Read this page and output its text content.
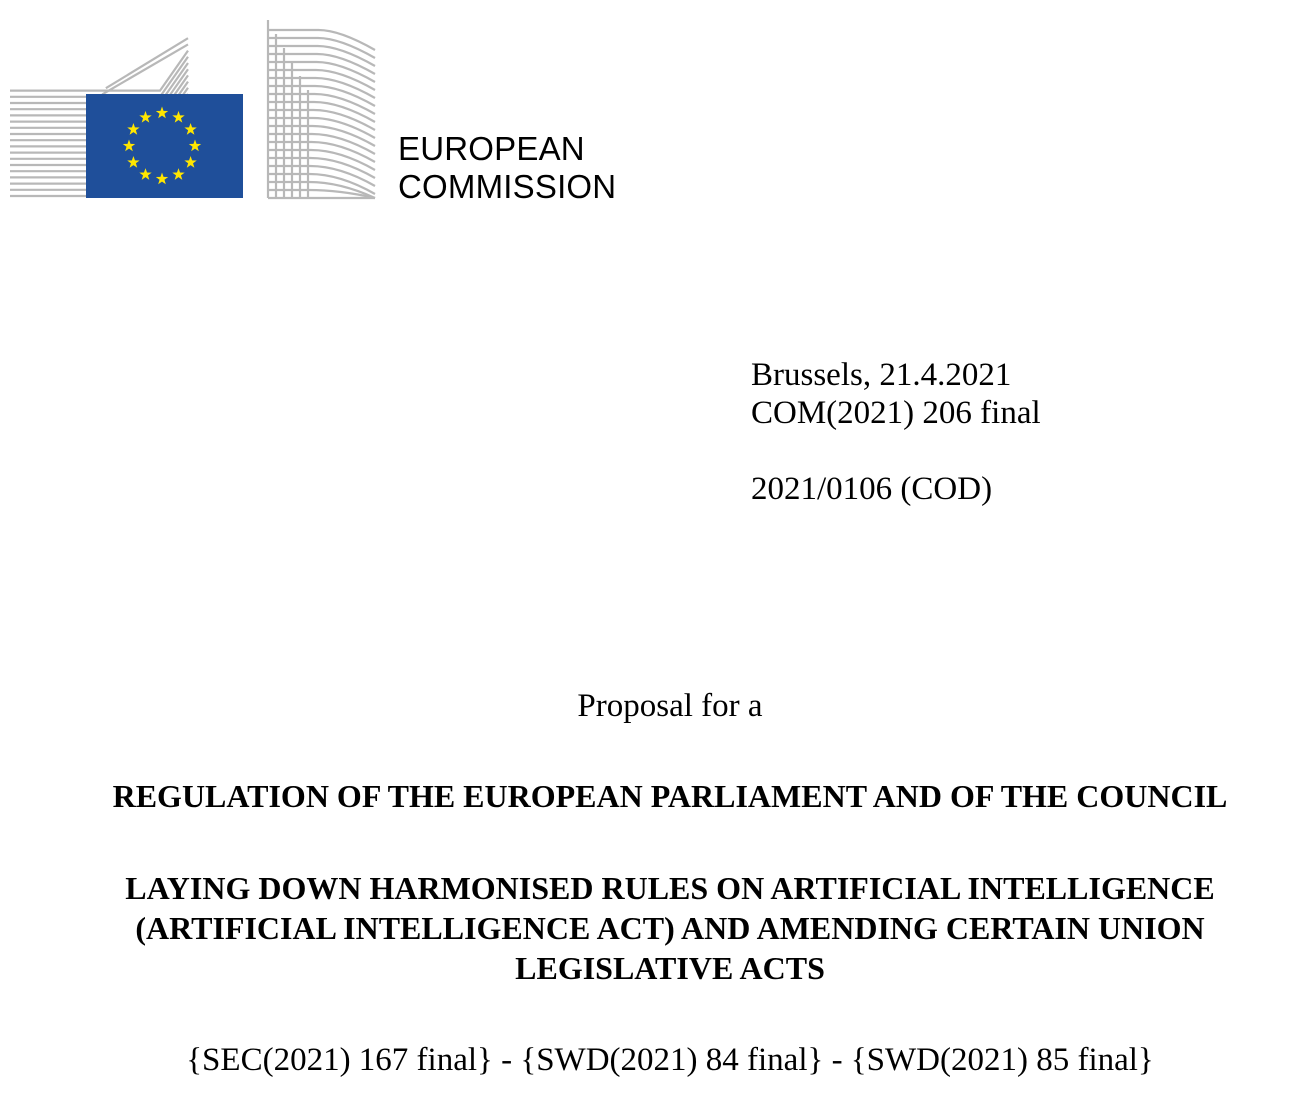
EUROPEAN
COMMISSION
Brussels, 21.4.2021
COM(2021) 206 final
2021/0106 (COD)
Proposal for a
REGULATION OF THE EUROPEAN PARLIAMENT AND OF THE COUNCIL
LAYING DOWN HARMONISED RULES ON ARTIFICIAL INTELLIGENCE
(ARTIFICIAL INTELLIGENCE ACT) AND AMENDING CERTAIN UNION
LEGISLATIVE ACTS
{SEC(2021) 167 final} - {SWD(2021) 84 final} - {SWD(2021) 85 final}
